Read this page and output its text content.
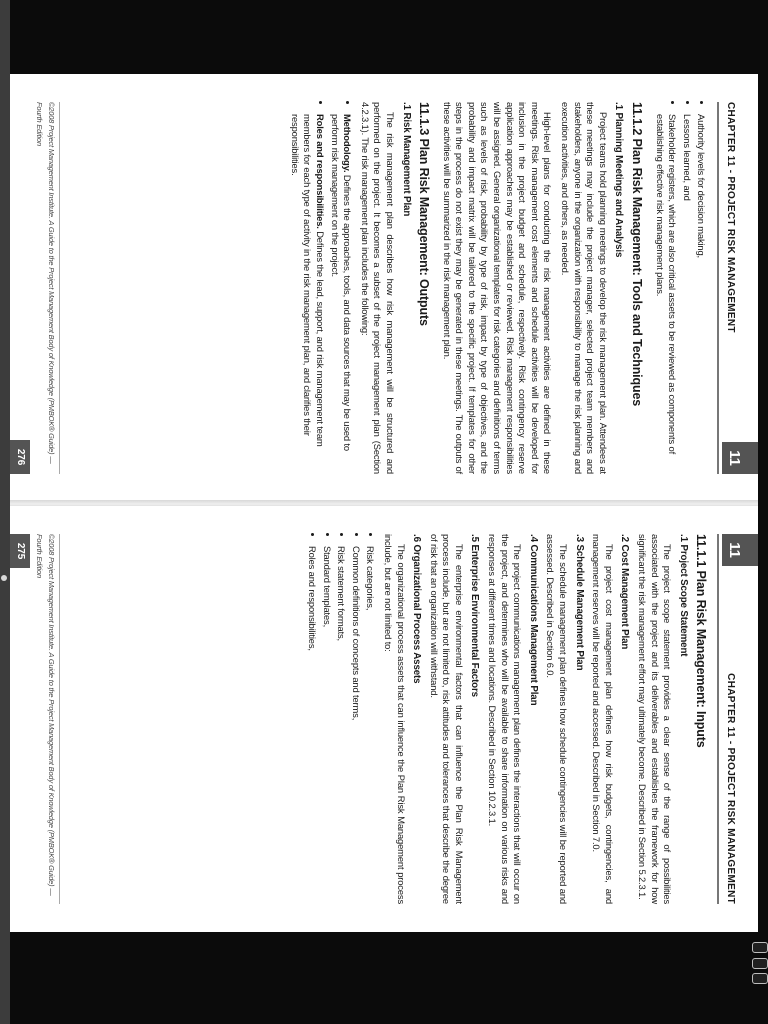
CHAPTER 11 - PROJECT RISK MANAGEMENT
11
• Authority levels for decision making,
• Lessons learned, and
• Stakeholder registers, which are also critical assets to be reviewed as components of establishing effective risk management plans.
11.1.2 Plan Risk Management: Tools and Techniques
.1 Planning Meetings and Analysis

Project teams hold planning meetings to develop the risk management plan. Attendees at these meetings may include the project manager, selected project team members and stakeholders, anyone in the organization with responsibility to manage the risk planning and execution activities, and others, as needed.

High-level plans for conducting the risk management activities are defined in these meetings. Risk management cost elements and schedule activities will be developed for inclusion in the project budget and schedule, respectively. Risk contingency reserve application approaches may be established or reviewed. Risk management responsibilities will be assigned. General organizational templates for risk categories and definitions of terms such as levels of risk, probability by type of risk, impact by type of objectives, and the probability and impact matrix will be tailored to the specific project. If templates for other steps in the process do not exist they may be generated in these meetings. The outputs of these activities will be summarized in the risk management plan.

11.1.3 Plan Risk Management: Outputs
.1 Risk Management Plan

The risk management plan describes how risk management will be structured and performed on the project. It becomes a subset of the project management plan (Section 4.2.3.1). The risk management plan includes the following:

• Methodology. Defines the approaches, tools, and data sources that may be used to perform risk management on the project.
• Roles and responsibilities. Defines the lead, support, and risk management team members for each type of activity in the risk management plan, and clarifies their responsibilities.
©2008 Project Management Institute. A Guide to the Project Management Body of Knowledge (PMBOK® Guide) — Fourth Edition
276
11
CHAPTER 11 - PROJECT RISK MANAGEMENT
11.1.1 Plan Risk Management: Inputs
.1 Project Scope Statement

The project scope statement provides a clear sense of the range of possibilities associated with the project and its deliverables and establishes the framework for how significant the risk management effort may ultimately become. Described in Section 5.2.3.1.

.2 Cost Management Plan

The project cost management plan defines how risk budgets, contingencies, and management reserves will be reported and accessed. Described in Section 7.0.

.3 Schedule Management Plan

The schedule management plan defines how schedule contingencies will be reported and assessed. Described in Section 6.0.

.4 Communications Management Plan

The project communications management plan defines the interactions that will occur on the project, and determines who will be available to share information on various risks and responses at different times and locations. Described in Section 10.2.3.1.

.5 Enterprise Environmental Factors

The enterprise environmental factors that can influence the Plan Risk Management process include, but are not limited to, risk attitudes and tolerances that describe the degree of risk that an organization will withstand.

.6 Organizational Process Assets

The organizational process assets that can influence the Plan Risk Management process include, but are not limited to:

• Risk categories,
• Common definitions of concepts and terms,
• Risk statement formats,
• Standard templates,
• Roles and responsibilities,
©2008 Project Management Institute. A Guide to the Project Management Body of Knowledge (PMBOK® Guide) — Fourth Edition
275
